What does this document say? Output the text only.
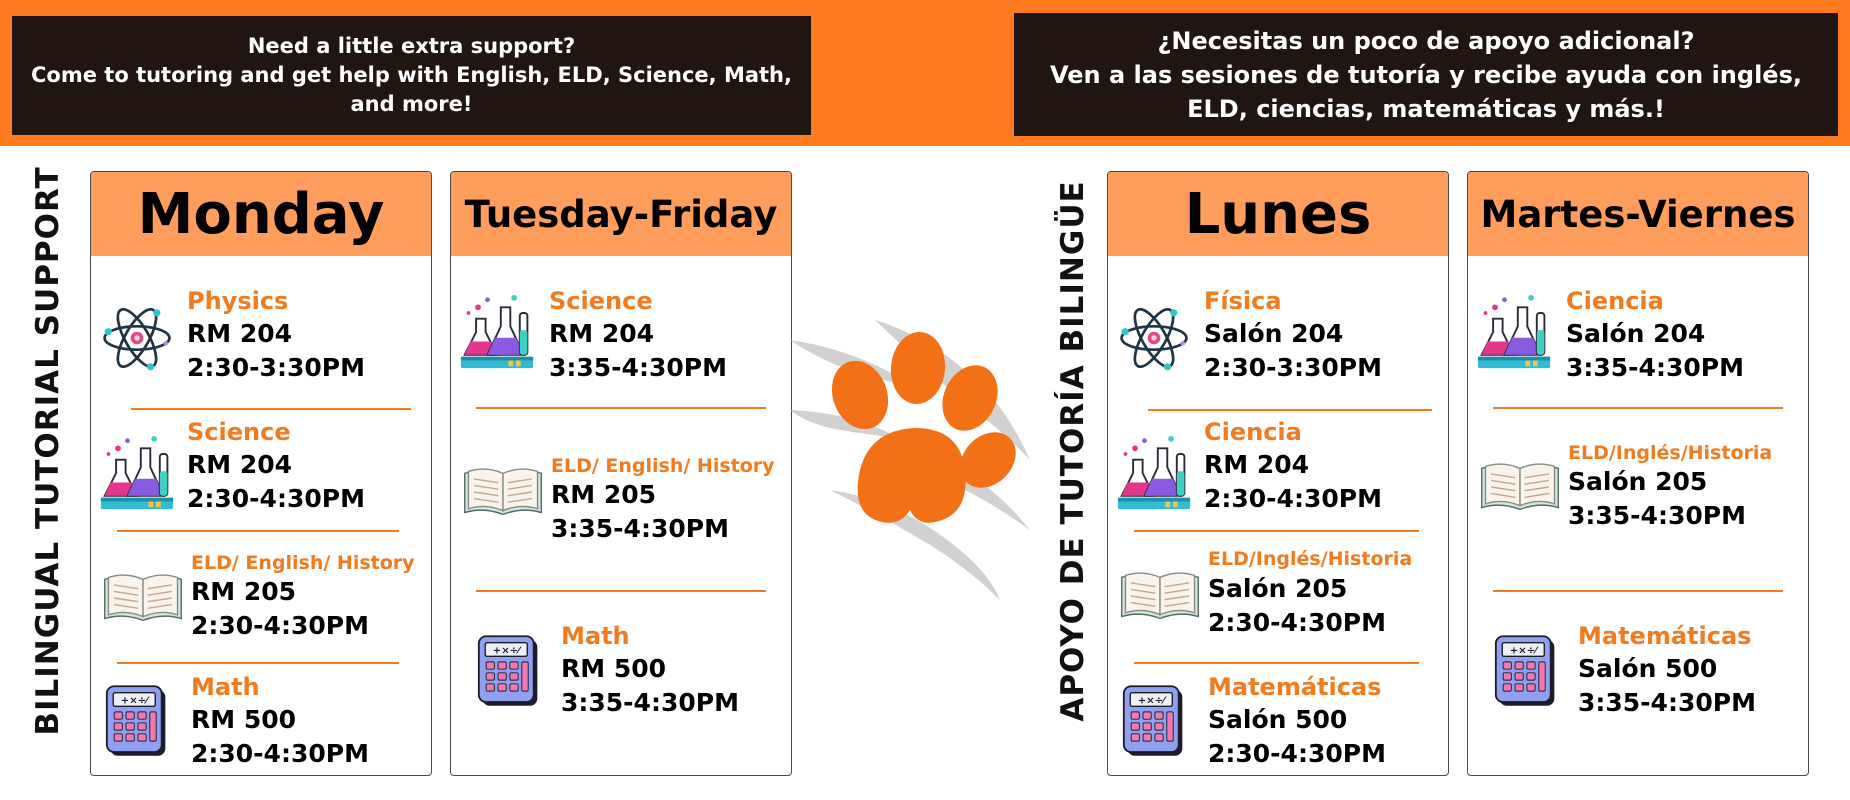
Need a little extra support?
Come to tutoring and get help with English, ELD, Science, Math, and more!
¿Necesitas un poco de apoyo adicional?
Ven a las sesiones de tutoría y recibe ayuda con inglés, ELD, ciencias, matemáticas y más.!
BILINGUAL TUTORIAL SUPPORT	APOYO DE TUTORÍA BILINGÜE
Monday
Physics
RM 204
2:30-3:30PM
Science
RM 204
2:30-4:30PM
ELD/ English/ History
RM 205
2:30-4:30PM
Math
RM 500
2:30-4:30PM
Tuesday-Friday
Science
RM 204
3:35-4:30PM
ELD/ English/ History
RM 205
3:35-4:30PM
Math
RM 500
3:35-4:30PM
Lunes
Física
Salón 204
2:30-3:30PM
Ciencia
RM 204
2:30-4:30PM
ELD/Inglés/Historia
Salón 205
2:30-4:30PM
Matemáticas
Salón 500
2:30-4:30PM
Martes-Viernes
Ciencia
Salón 204
3:35-4:30PM
ELD/Inglés/Historia
Salón 205
3:35-4:30PM
Matemáticas
Salón 500
3:35-4:30PM
